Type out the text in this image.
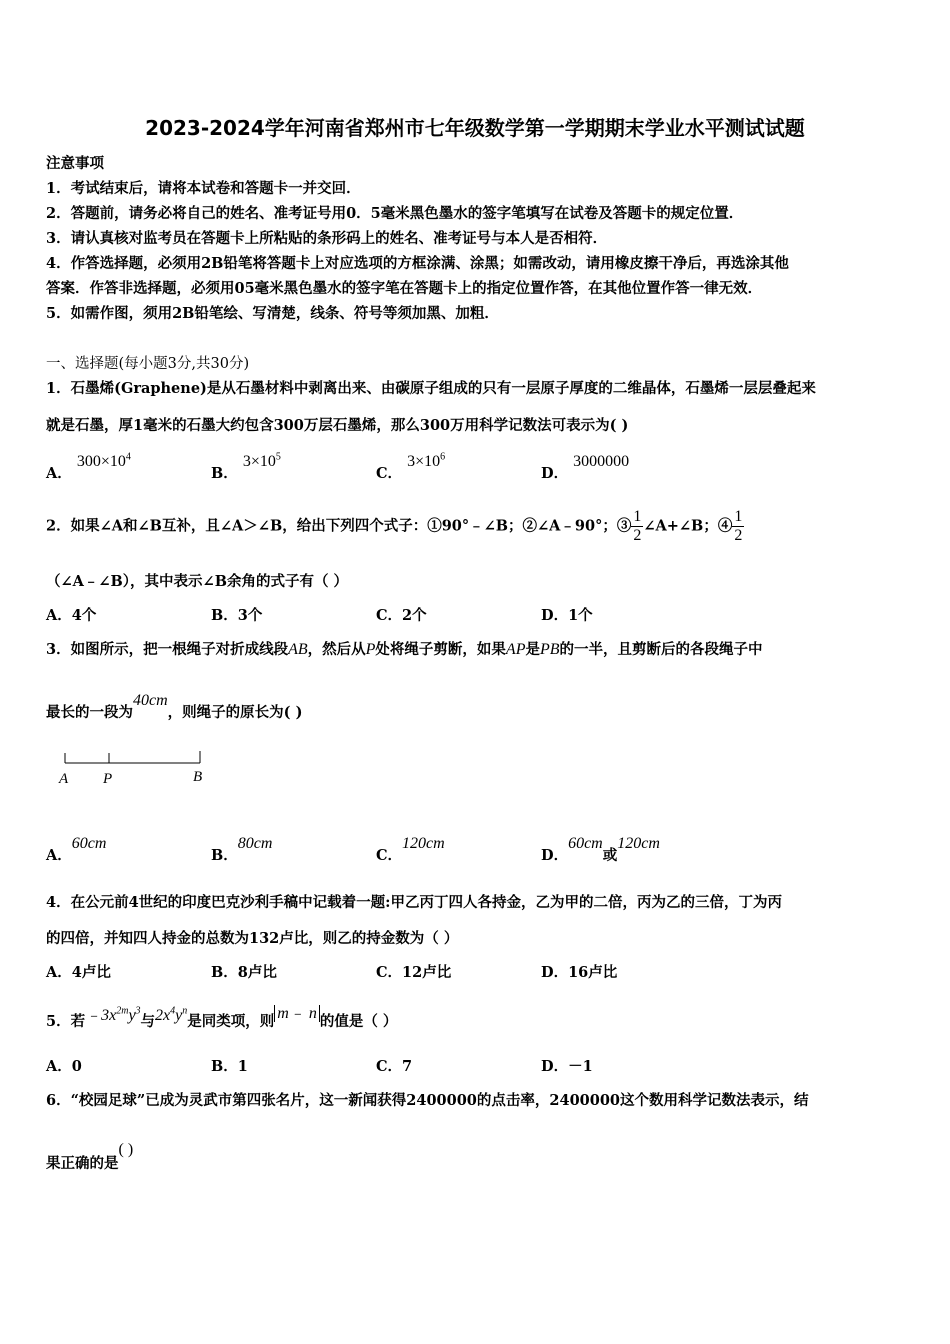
2023-2024学年河南省郑州市七年级数学第一学期期末学业水平测试试题
注意事项
1．考试结束后，请将本试卷和答题卡一并交回．
2．答题前，请务必将自己的姓名、准考证号用0．5毫米黑色墨水的签字笔填写在试卷及答题卡的规定位置．
3．请认真核对监考员在答题卡上所粘贴的条形码上的姓名、准考证号与本人是否相符．
4．作答选择题，必须用2B铅笔将答题卡上对应选项的方框涂满、涂黑；如需改动，请用橡皮擦干净后，再选涂其他
答案．作答非选择题，必须用05毫米黑色墨水的签字笔在答题卡上的指定位置作答，在其他位置作答一律无效．
5．如需作图，须用2B铅笔绘、写清楚，线条、符号等须加黑、加粗．
一、选择题(每小题3分,共30分)
1．石墨烯(Graphene)是从石墨材料中剥离出来、由碳原子组成的只有一层原子厚度的二维晶体，石墨烯一层层叠起来
就是石墨，厚1毫米的石墨大约包含300万层石墨烯，那么300万用科学记数法可表示为( )
A． $300\times 10^4$
B． $3\times 10^5$
C． $3\times 10^6$
D． 3000000
2．如果∠A和∠B互补，且∠A＞∠B，给出下列四个式子：①90°﹣∠B；②∠A﹣90°；③ $\frac{1}{2}$ ∠A+∠B；④ $\frac{1}{2}$
（∠A﹣∠B），其中表示∠B余角的式子有（ ）
A．4个	B．3个	C．2个	D．1个
3．如图所示，把一根绳子对折成线段AB，然后从P处将绳子剪断，如果AP是PB的一半，且剪断后的各段绳子中
最长的一段为40cm，则绳子的原长为( )
A P	B
A．60cm
B．80cm
C．120cm
D．60cm或120cm
4．在公元前4世纪的印度巴克沙利手稿中记载着一题:甲乙丙丁四人各持金，乙为甲的二倍，丙为乙的三倍，丁为丙
的四倍，并知四人持金的总数为132卢比，则乙的持金数为（ ）
A．4卢比	B．8卢比	C．12卢比	D．16卢比
5．若$﹣3x^{2m}y^3$与$2x^4y^n$是同类项，则 m﹣ n 的值是（ ）
A．0	B．1	C．7	D．－1
6．“校园足球”已成为灵武市第四张名片，这一新闻获得2400000的点击率，2400000这个数用科学记数法表示，结
果正确的是( )
